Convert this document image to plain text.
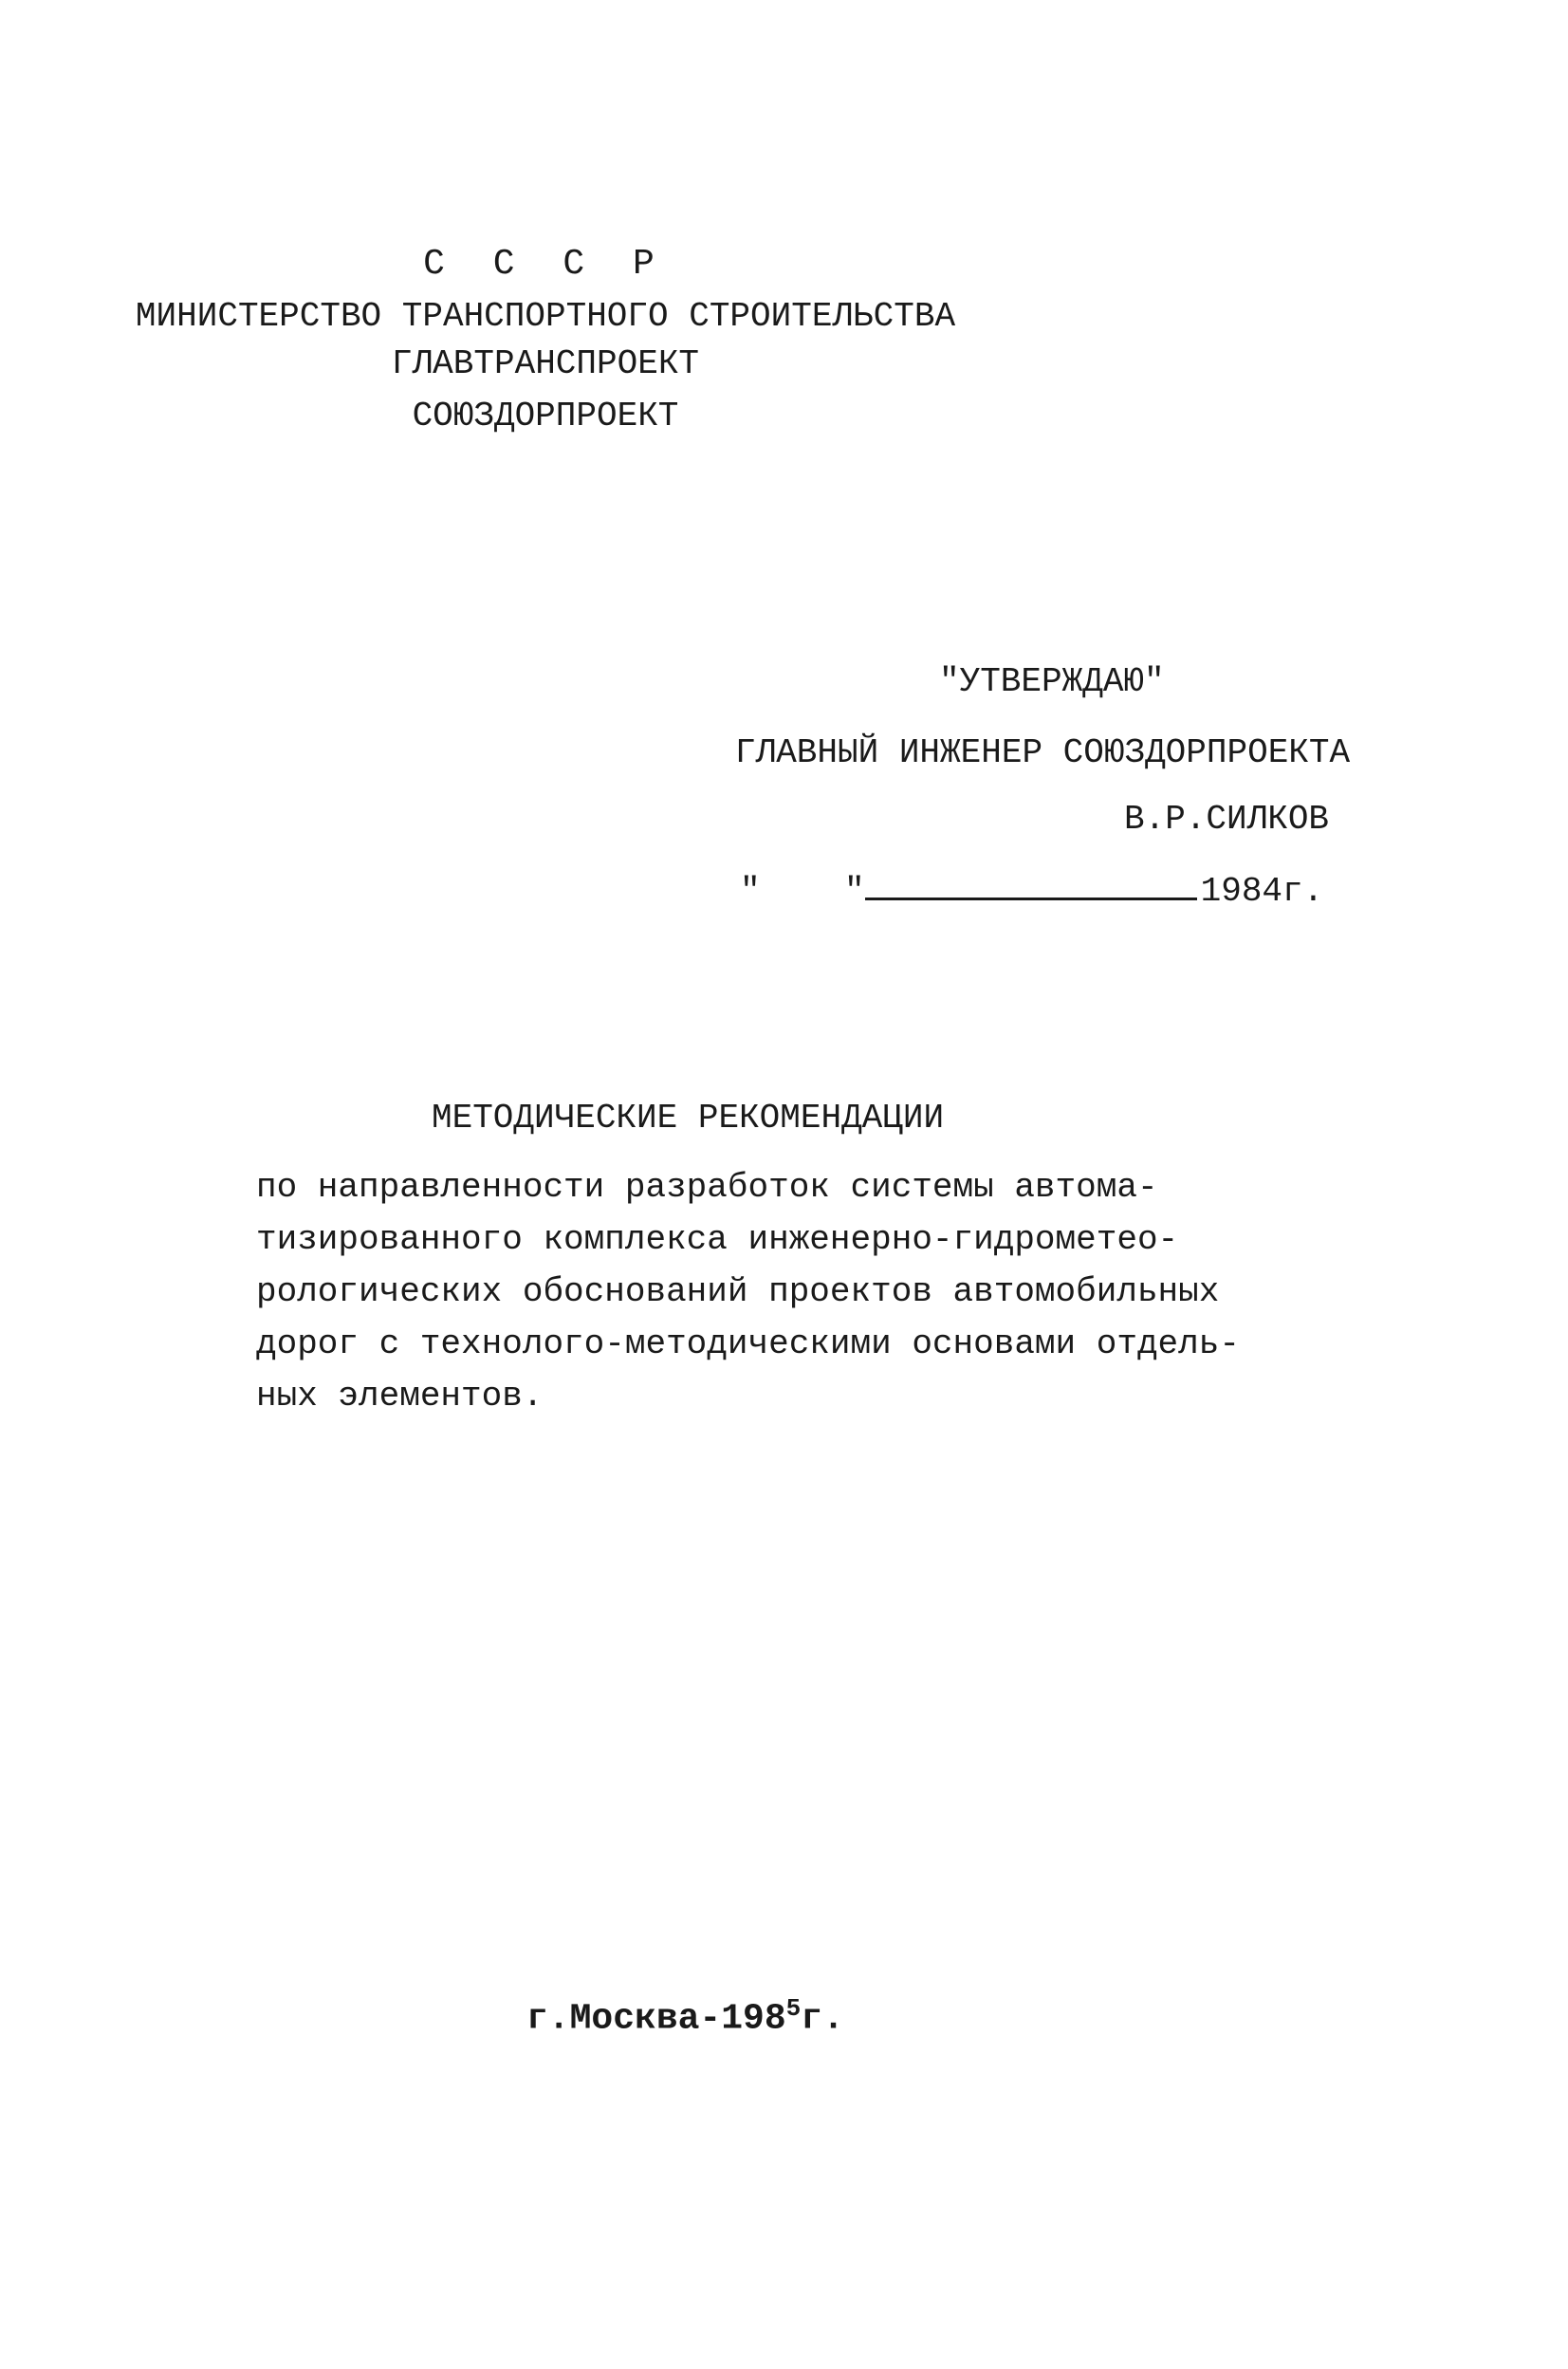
С С С Р
МИНИСТЕРСТВО ТРАНСПОРТНОГО СТРОИТЕЛЬСТВА
ГЛАВТРАНСПРОЕКТ
СОЮЗДОРПРОЕКТ
"УТВЕРЖДАЮ"
ГЛАВНЫЙ ИНЖЕНЕР СОЮЗДОРПРОЕКТА
В.Р.СИЛКОВ
" "	1984г.
МЕТОДИЧЕСКИЕ РЕКОМЕНДАЦИИ
по направленности разработок системы автома-
тизированного комплекса инженерно-гидрометео-
рологических обоснований проектов автомобильных
дорог с технолого-методическими основами отдель-
ных элементов.
$г.Москва-198^5г$.
